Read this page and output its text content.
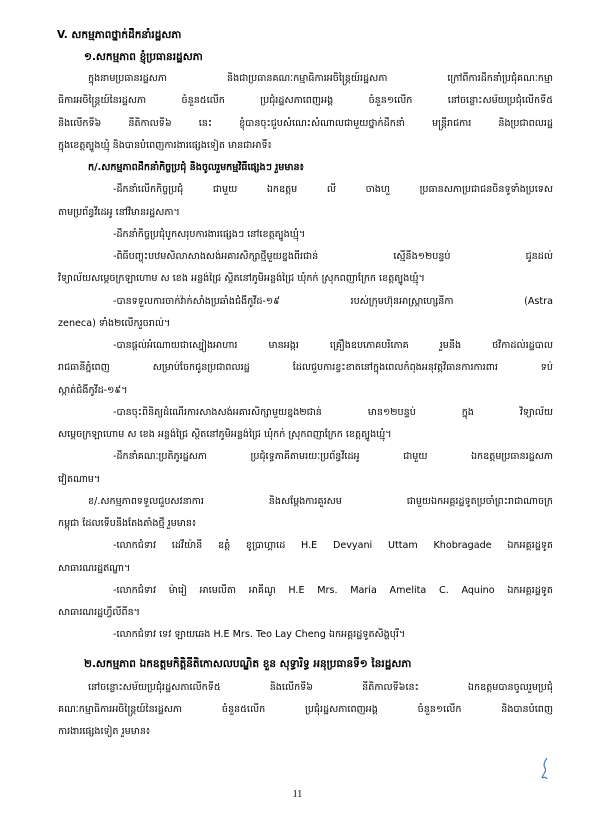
V. សកម្មភាពថ្នាក់ដឹកនាំរដ្ឋសភា
១.សកម្មភាព ខ្ញុំប្រធានរដ្ឋសភា
ក្នុងនាមប្រធានរដ្ឋសភា និងជាប្រធានគណៈកម្មាធិការអចិន្ត្រៃយ៍រដ្ឋសភា ក្រៅពីការដឹកនាំប្រជុំគណៈកម្មា
ធិការអចិន្ត្រៃយ៍នៃរដ្ឋសភា ចំនួន៥លើក ប្រជុំរដ្ឋសភាពេញអង្គ ចំនួន១លើក នៅចន្លោះសម័យប្រជុំលើកទី៥
និងលើកទី៦ នីតិកាលទី៦ នេះ ខ្ញុំបានចុះជួបសំណេះសំណាលជាមួយថ្នាក់ដឹកនាំ មន្ត្រីរាជការ និងប្រជាពលរដ្ឋ
ក្នុងខេត្តត្បូងឃ្មុំ និងបានបំពេញការងារផ្សេងទៀត មានជាអាទិ៍៖
ក/.សកម្មភាពដឹកនាំកិច្ចប្រជុំ និងចូលរួមកម្មវិធីផ្សេងៗ រួមមាន៖
-ដឹកនាំលើកកិច្ចប្រជុំ ជាមួយ ឯកឧត្តម លី ចាងហួ ប្រធានសភាប្រជាជនចិនទូទាំងប្រទេស
តាមប្រព័ន្ធវីដេអូ នៅវិមានរដ្ឋសភា។
-ដឹកនាំកិច្ចប្រជុំបូកសរុបការងារផ្សេងៗ នៅខេត្តត្បូងឃ្មុំ។
-ពិធីបញ្ចុះបឋមសិលាសាងសង់អគារសិក្សាថ្មីមួយខ្នងពីរជាន់ ស្មើនឹង១២បន្ទប់ ជូនដល់
វិទ្យាល័យសម្តេចក្រឡាហោម ស ខេង អន្លង់ជ្រៃ ស្ថិតនៅភូមិអន្លង់ជ្រៃ ឃុំកក់ ស្រុកពញាក្រែក ខេត្តត្បូងឃ្មុំ។
-បានទទួលការចាក់វ៉ាក់សាំងប្រឆាំងជំងឺកូវីដ-១៩ របស់ក្រុមហ៊ុនអាស្រ្តាហ្សេនីកា (Astra
zeneca) ទាំង២លើករួចរាល់។
-បានផ្តល់អំណោយជាស្បៀងអាហារ មានអង្ករ គ្រឿងឧបភោគបរិភោគ រួមនឹង ថវិកាដល់រដ្ឋបាល
រាជធានីភ្នំពេញ សម្រាប់ចែកជូនប្រជាពលរដ្ឋ ដែលជួបការខ្វះខាតនៅក្នុងពេលកំពុងអនុវត្តវិធានការការពារ ទប់
ស្កាត់ជំងឺកូវីដ-១៩។
-បានចុះពិនិត្យដំណើរការសាងសង់អគារសិក្សាមួយខ្នង២ជាន់ មាន១២បន្ទប់ ក្នុង វិទ្យាល័យ
សម្តេចក្រឡាហោម ស ខេង អន្លង់ជ្រៃ ស្ថិតនៅភូមិអន្លង់ជ្រៃ ឃុំកក់ ស្រុកពញាក្រែក ខេត្តត្បូងឃ្មុំ។
-ដឹកនាំគណៈប្រតិភូរដ្ឋសភា ប្រជុំទ្វេភាគីតាមរយៈប្រព័ន្ធវីដេអូ ជាមួយ ឯកឧត្តមប្រធានរដ្ឋសភា
វៀតណាម។
ខ/.សកម្មភាពទទួលជួបសវនាការ និងសម្តែងការគួរសម ជាមួយឯកអគ្គរដ្ឋទូតប្រចាំព្រះរាជាណាចក្រ
កម្ពុជា ដែលទើបនឹងតែងតាំងថ្មី រួមមាន៖
-លោកជំទាវ ដេវីយ៉ានី ឧត្តំ ខូប្រាហ្គាដេ H.E Devyani Uttam Khobragade ឯកអគ្គរដ្ឋទូត
សាធារណរដ្ឋឥណ្ឌា។
-លោកជំទាវ ម៉ារៀ អាមេលីតា អាគីណូ H.E Mrs. Maria Amelita C. Aquino ឯកអគ្គរដ្ឋទូត
សាធារណរដ្ឋហ្វីលីពីន។
-លោកជំទាវ ទេវ ឡាយឆេង H.E Mrs. Teo Lay Cheng ឯកអគ្គរដ្ឋទូតសិង្ហបុរី។
២.សកម្មភាព ឯកឧត្តមកិត្តិនីតិកោសលបណ្ឌិត ខួន សុទ្ធារិទ្ធ អនុប្រធានទី១ នៃរដ្ឋសភា
នៅចន្លោះសម័យប្រជុំរដ្ឋសភាលើកទី៥ និងលើកទី៦ នីតិកាលទី៦នេះ ឯកឧត្តមបានចូលរួមប្រជុំ
គណៈកម្មាធិការអចិន្ត្រៃយ៍នៃរដ្ឋសភា ចំនួន៥លើក ប្រជុំរដ្ឋសភាពេញអង្គ ចំនួន១លើក និងបានបំពេញ
ការងារផ្សេងទៀត រួមមាន៖
11
